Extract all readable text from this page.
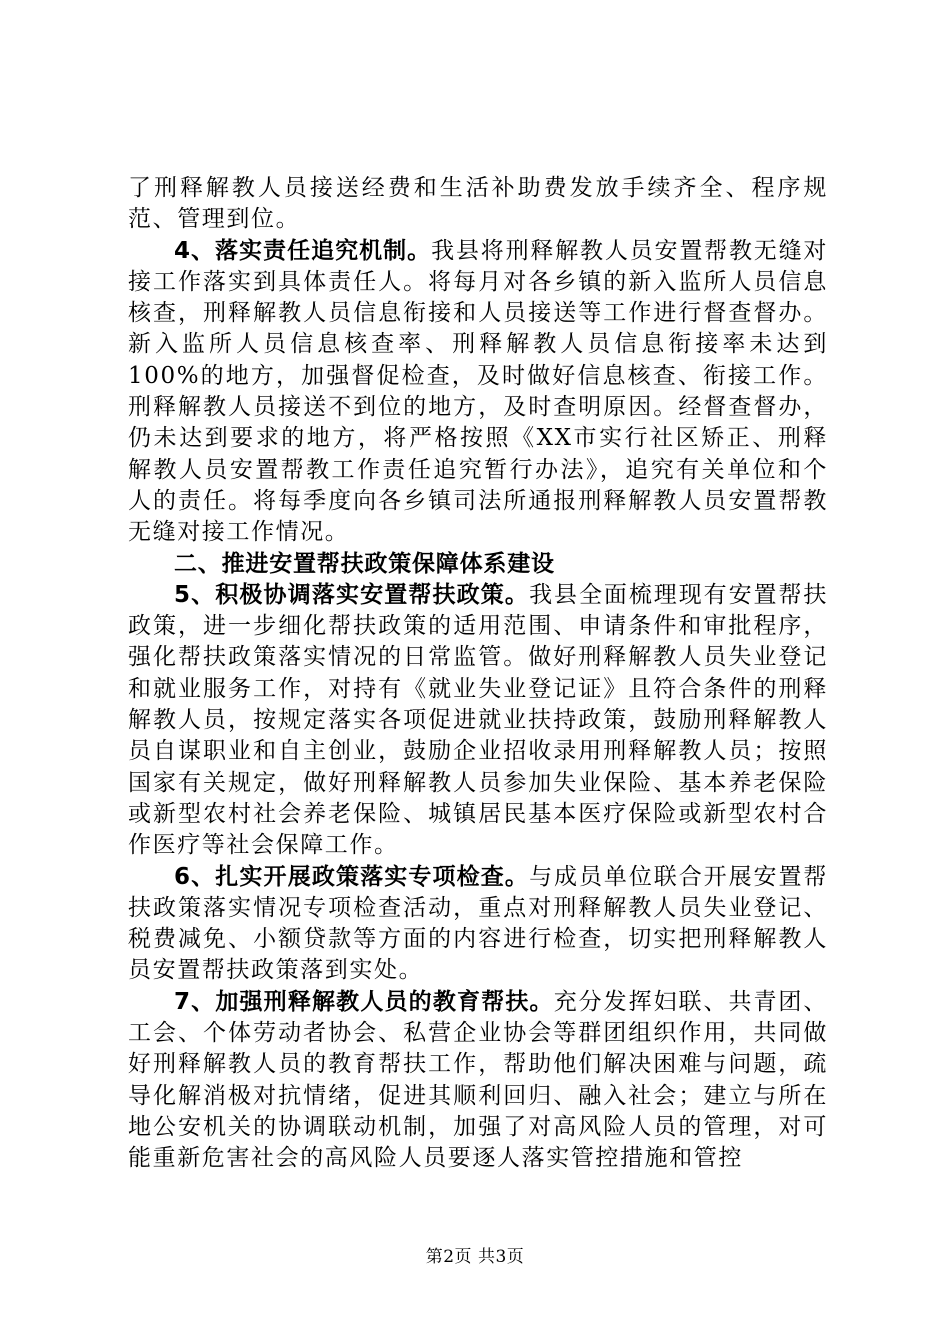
了刑释解教人员接送经费和生活补助费发放手续齐全、程序规范、管理到位。

4、落实责任追究机制。我县将刑释解教人员安置帮教无缝对接工作落实到具体责任人。将每月对各乡镇的新入监所人员信息核查，刑释解教人员信息衔接和人员接送等工作进行督查督办。新入监所人员信息核查率、刑释解教人员信息衔接率未达到100%的地方，加强督促检查，及时做好信息核查、衔接工作。刑释解教人员接送不到位的地方，及时查明原因。经督查督办，仍未达到要求的地方，将严格按照《XX市实行社区矫正、刑释解教人员安置帮教工作责任追究暂行办法》，追究有关单位和个人的责任。将每季度向各乡镇司法所通报刑释解教人员安置帮教无缝对接工作情况。

二、推进安置帮扶政策保障体系建设

5、积极协调落实安置帮扶政策。我县全面梳理现有安置帮扶政策，进一步细化帮扶政策的适用范围、申请条件和审批程序，强化帮扶政策落实情况的日常监管。做好刑释解教人员失业登记和就业服务工作，对持有《就业失业登记证》且符合条件的刑释解教人员，按规定落实各项促进就业扶持政策，鼓励刑释解教人员自谋职业和自主创业，鼓励企业招收录用刑释解教人员；按照国家有关规定，做好刑释解教人员参加失业保险、基本养老保险或新型农村社会养老保险、城镇居民基本医疗保险或新型农村合作医疗等社会保障工作。

6、扎实开展政策落实专项检查。与成员单位联合开展安置帮扶政策落实情况专项检查活动，重点对刑释解教人员失业登记、税费减免、小额贷款等方面的内容进行检查，切实把刑释解教人员安置帮扶政策落到实处。

7、加强刑释解教人员的教育帮扶。充分发挥妇联、共青团、工会、个体劳动者协会、私营企业协会等群团组织作用，共同做好刑释解教人员的教育帮扶工作，帮助他们解决困难与问题，疏导化解消极对抗情绪，促进其顺利回归、融入社会；建立与所在地公安机关的协调联动机制，加强了对高风险人员的管理，对可能重新危害社会的高风险人员要逐人落实管控措施和管控

第2页 共3页
